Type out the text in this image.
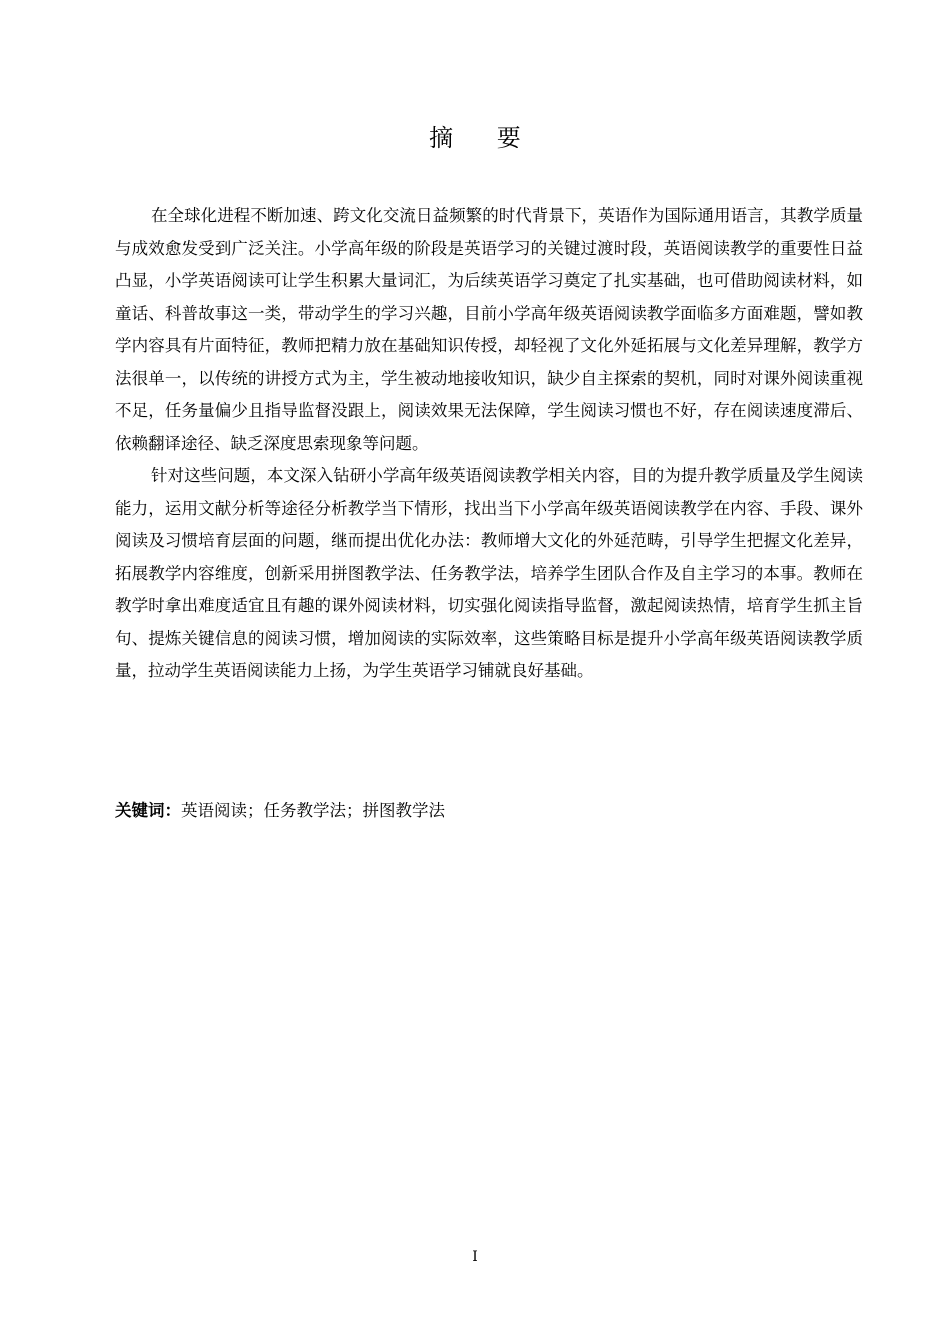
摘 要

在全球化进程不断加速、跨文化交流日益频繁的时代背景下，英语作为国际通用语言，其教学质量与成效愈发受到广泛关注。小学高年级的阶段是英语学习的关键过渡时段，英语阅读教学的重要性日益凸显，小学英语阅读可让学生积累大量词汇，为后续英语学习奠定了扎实基础，也可借助阅读材料，如童话、科普故事这一类，带动学生的学习兴趣，目前小学高年级英语阅读教学面临多方面难题，譬如教学内容具有片面特征，教师把精力放在基础知识传授，却轻视了文化外延拓展与文化差异理解，教学方法很单一，以传统的讲授方式为主，学生被动地接收知识，缺少自主探索的契机，同时对课外阅读重视不足，任务量偏少且指导监督没跟上，阅读效果无法保障，学生阅读习惯也不好，存在阅读速度滞后、依赖翻译途径、缺乏深度思索现象等问题。

针对这些问题，本文深入钻研小学高年级英语阅读教学相关内容，目的为提升教学质量及学生阅读能力，运用文献分析等途径分析教学当下情形，找出当下小学高年级英语阅读教学在内容、手段、课外阅读及习惯培育层面的问题，继而提出优化办法：教师增大文化的外延范畴，引导学生把握文化差异，拓展教学内容维度，创新采用拼图教学法、任务教学法，培养学生团队合作及自主学习的本事。教师在教学时拿出难度适宜且有趣的课外阅读材料，切实强化阅读指导监督，激起阅读热情，培育学生抓主旨句、提炼关键信息的阅读习惯，增加阅读的实际效率，这些策略目标是提升小学高年级英语阅读教学质量，拉动学生英语阅读能力上扬，为学生英语学习铺就良好基础。

关键词：英语阅读；任务教学法；拼图教学法
I
